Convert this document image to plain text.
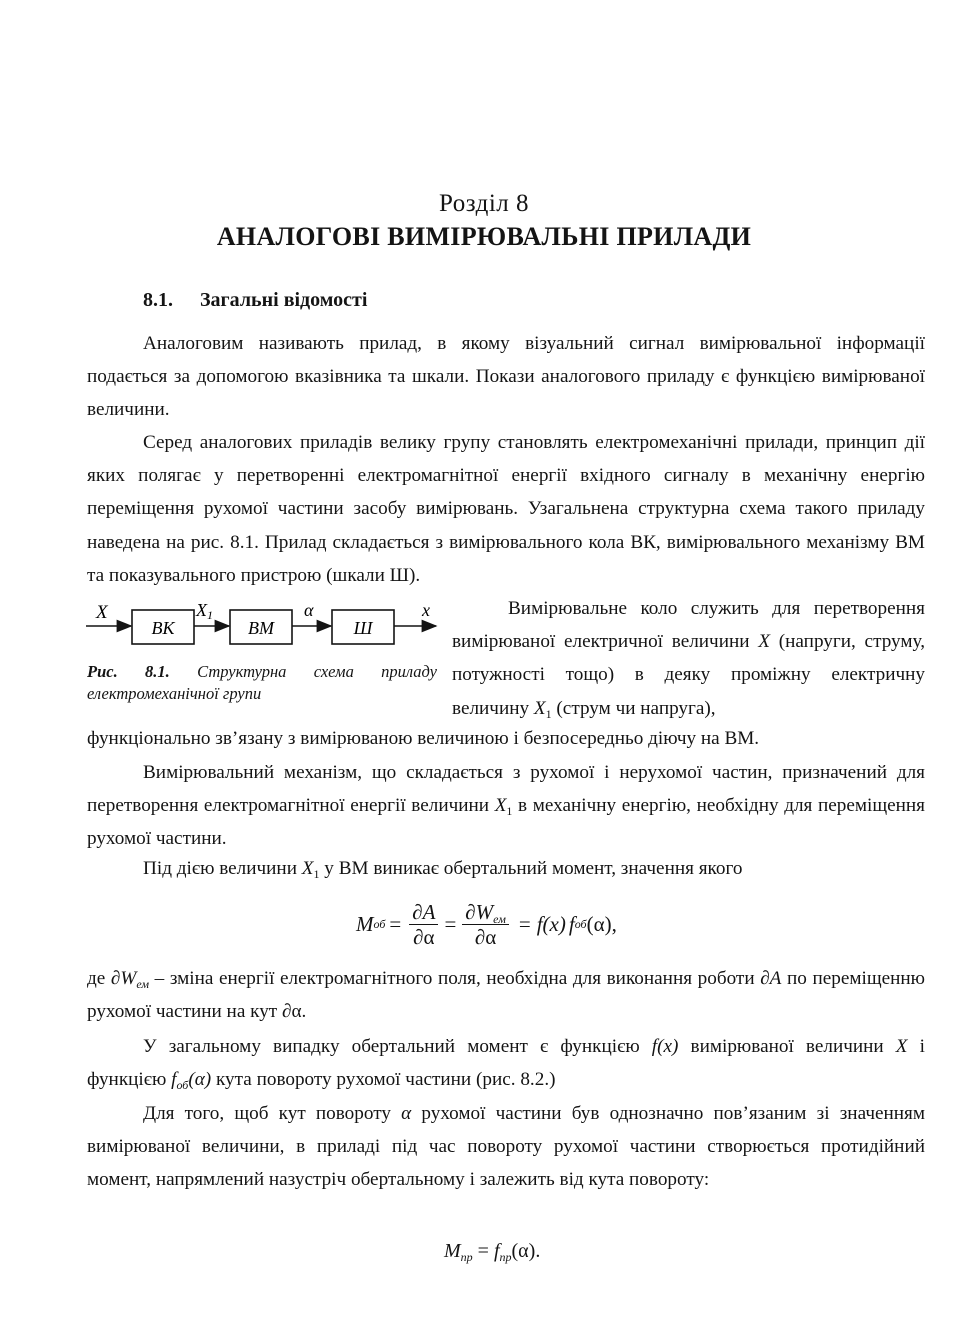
Розділ 8
АНАЛОГОВІ ВИМІРЮВАЛЬНІ ПРИЛАДИ
8.1. Загальні відомості

Аналоговим називають прилад, в якому візуальний сигнал вимірювальної інформації подається за допомогою вказівника та шкали. Покази аналогового приладу є функцією вимірюваної величини.

Серед аналогових приладів велику групу становлять електромеханічні прилади, принцип дії яких полягає у перетворенні електромагнітної енергії вхідного сигналу в механічну енергію переміщення рухомої частини засобу вимірювань. Узагальнена структурна схема такого приладу наведена на рис. 8.1. Прилад складається з вимірювального кола ВК, вимірювального механізму ВМ та показувального пристрою (шкали Ш).

X
ВК
X1
ВМ
α
Ш
x
Рис. 8.1. Структурна схема приладу електромеханічної групи

Вимірювальне коло служить для перетворення вимірюваної електричної величини X (напруги, струму, потужності тощо) в деяку проміжну електричну величину $X_1$ (струм чи напруга),

функціонально зв’язану з вимірюваною величиною і безпосередньо діючу на ВМ.

Вимірювальний механізм, що складається з рухомої і нерухомої частин, призначений для перетворення електромагнітної енергії величини $X_1$ в механічну енергію, необхідну для переміщення рухомої частини.

Під дією величини $X_1$ у ВМ виникає обертальний момент, значення якого

M об = $\frac{\partial A}{\partial\alpha} = \frac{\partial W_{ем}}{\partial\alpha} = f$ (x) f об (α),

де $\partial W_{ем}$ – зміна енергії електромагнітного поля, необхідна для виконання роботи ∂A по переміщенню рухомої частини на кут ∂α.

У загальному випадку обертальний момент є функцією f(x) вимірюваної величини X і функцією $f_{об}(\alpha)$ кута повороту рухомої частини (рис. 8.2.)

Для того, щоб кут повороту α рухомої частини був однозначно пов’язаним зі значенням вимірюваної величини, в приладі під час повороту рухомої частини створюється протидійний момент, напрямлений назустріч обертальному і залежить від кута повороту:

$M_{пр} = f_{пр}(\alpha)$.
